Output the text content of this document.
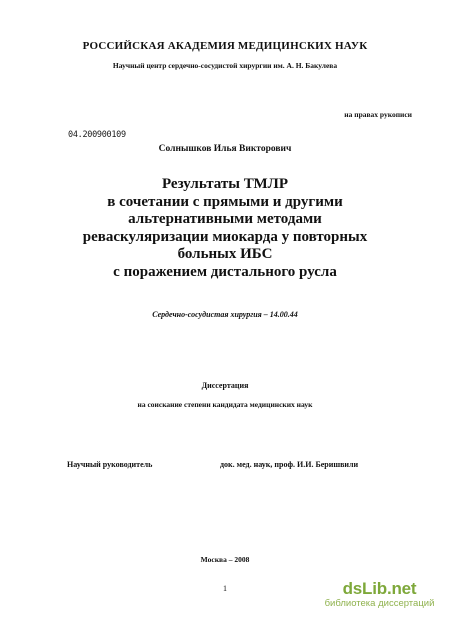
РОССИЙСКАЯ АКАДЕМИЯ МЕДИЦИНСКИХ НАУК
Научный центр сердечно-сосудистой хирургии им. А. Н. Бакулева
на правах рукописи
04.200900109
Солнышков Илья Викторович
Результаты ТМЛР
в сочетании с прямыми и другими
альтернативными методами
реваскуляризации миокарда у повторных
больных ИБС
с поражением дистального русла
Сердечно-сосудистая хирургия – 14.00.44
Диссертация
на соискание степени кандидата медицинских наук
Научный руководитель	док. мед. наук, проф. И.И. Беришвили
Москва – 2008
1	dsLib.net
библиотека диссертаций
